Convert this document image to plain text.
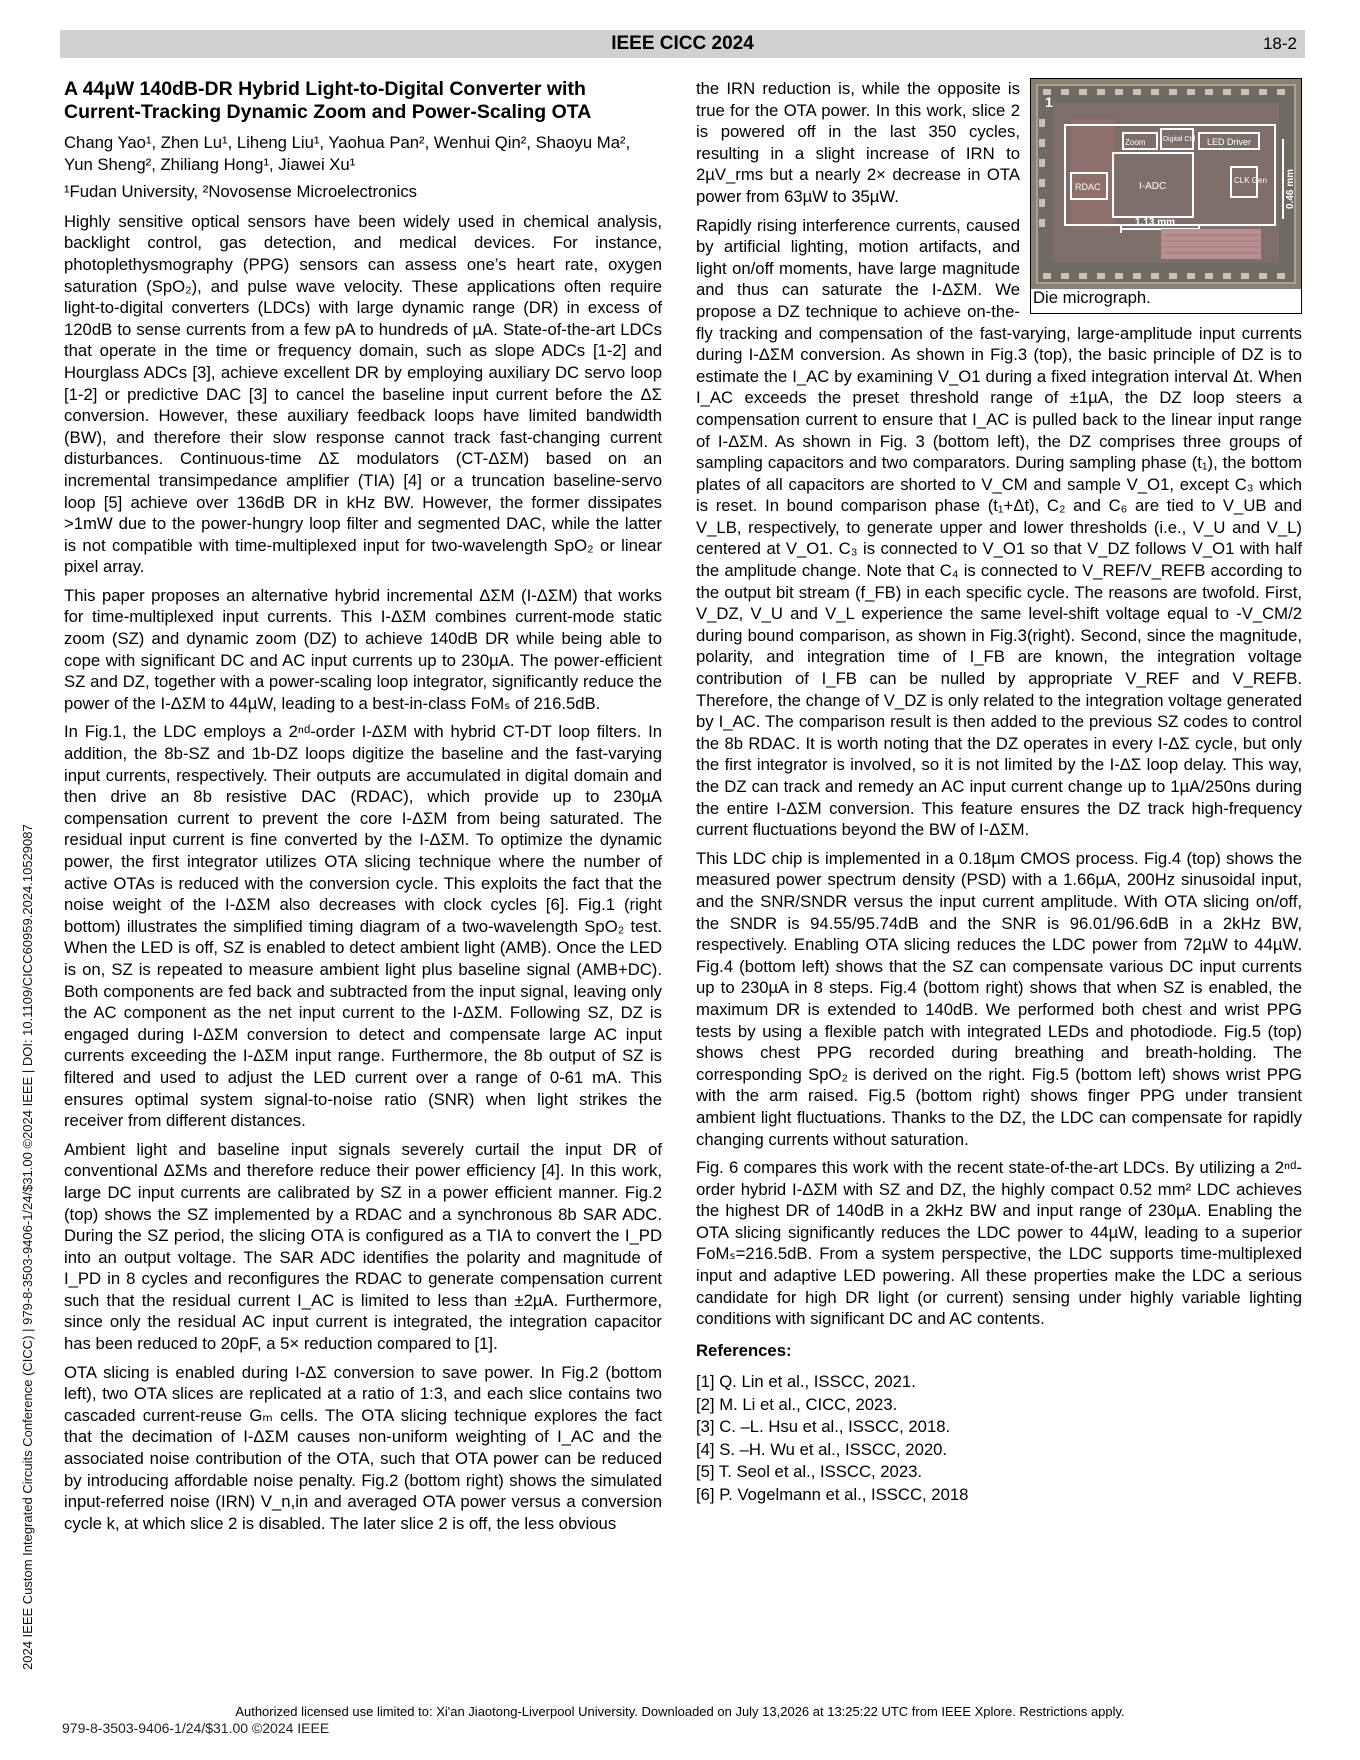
IEEE CICC 2024	18-2
2024 IEEE Custom Integrated Circuits Conference (CICC) | 979-8-3503-9406-1/24/$31.00 ©2024 IEEE | DOI: 10.1109/CICC60959.2024.10529087
A 44µW 140dB-DR Hybrid Light-to-Digital Converter with Current-Tracking Dynamic Zoom and Power-Scaling OTA
Chang Yao¹, Zhen Lu¹, Liheng Liu¹, Yaohua Pan², Wenhui Qin², Shaoyu Ma², Yun Sheng², Zhiliang Hong¹, Jiawei Xu¹
¹Fudan University, ²Novosense Microelectronics

Highly sensitive optical sensors have been widely used in chemical analysis, backlight control, gas detection, and medical devices. For instance, photoplethysmography (PPG) sensors can assess one’s heart rate, oxygen saturation (SpO₂), and pulse wave velocity. These applications often require light-to-digital converters (LDCs) with large dynamic range (DR) in excess of 120dB to sense currents from a few pA to hundreds of µA. State-of-the-art LDCs that operate in the time or frequency domain, such as slope ADCs [1-2] and Hourglass ADCs [3], achieve excellent DR by employing auxiliary DC servo loop [1-2] or predictive DAC [3] to cancel the baseline input current before the ΔΣ conversion. However, these auxiliary feedback loops have limited bandwidth (BW), and therefore their slow response cannot track fast-changing current disturbances. Continuous-time ΔΣ modulators (CT-ΔΣM) based on an incremental transimpedance amplifier (TIA) [4] or a truncation baseline-servo loop [5] achieve over 136dB DR in kHz BW. However, the former dissipates >1mW due to the power-hungry loop filter and segmented DAC, while the latter is not compatible with time-multiplexed input for two-wavelength SpO₂ or linear pixel array.

This paper proposes an alternative hybrid incremental ΔΣM (I-ΔΣM) that works for time-multiplexed input currents. This I-ΔΣM combines current-mode static zoom (SZ) and dynamic zoom (DZ) to achieve 140dB DR while being able to cope with significant DC and AC input currents up to 230µA. The power-efficient SZ and DZ, together with a power-scaling loop integrator, significantly reduce the power of the I-ΔΣM to 44µW, leading to a best-in-class FoMₛ of 216.5dB.

In Fig.1, the LDC employs a 2ⁿᵈ-order I-ΔΣM with hybrid CT-DT loop filters. In addition, the 8b-SZ and 1b-DZ loops digitize the baseline and the fast-varying input currents, respectively. Their outputs are accumulated in digital domain and then drive an 8b resistive DAC (RDAC), which provide up to 230µA compensation current to prevent the core I-ΔΣM from being saturated. The residual input current is fine converted by the I-ΔΣM. To optimize the dynamic power, the first integrator utilizes OTA slicing technique where the number of active OTAs is reduced with the conversion cycle. This exploits the fact that the noise weight of the I-ΔΣM also decreases with clock cycles [6]. Fig.1 (right bottom) illustrates the simplified timing diagram of a two-wavelength SpO₂ test. When the LED is off, SZ is enabled to detect ambient light (AMB). Once the LED is on, SZ is repeated to measure ambient light plus baseline signal (AMB+DC). Both components are fed back and subtracted from the input signal, leaving only the AC component as the net input current to the I-ΔΣM. Following SZ, DZ is engaged during I-ΔΣM conversion to detect and compensate large AC input currents exceeding the I-ΔΣM input range. Furthermore, the 8b output of SZ is filtered and used to adjust the LED current over a range of 0-61 mA. This ensures optimal system signal-to-noise ratio (SNR) when light strikes the receiver from different distances.

Ambient light and baseline input signals severely curtail the input DR of conventional ΔΣMs and therefore reduce their power efficiency [4]. In this work, large DC input currents are calibrated by SZ in a power efficient manner. Fig.2 (top) shows the SZ implemented by a RDAC and a synchronous 8b SAR ADC. During the SZ period, the slicing OTA is configured as a TIA to convert the I_PD into an output voltage. The SAR ADC identifies the polarity and magnitude of I_PD in 8 cycles and reconfigures the RDAC to generate compensation current such that the residual current I_AC is limited to less than ±2µA. Furthermore, since only the residual AC input current is integrated, the integration capacitor has been reduced to 20pF, a 5× reduction compared to [1].

OTA slicing is enabled during I-ΔΣ conversion to save power. In Fig.2 (bottom left), two OTA slices are replicated at a ratio of 1:3, and each slice contains two cascaded current-reuse Gₘ cells. The OTA slicing technique explores the fact that the decimation of I-ΔΣM causes non-uniform weighting of I_AC and the associated noise contribution of the OTA, such that OTA power can be reduced by introducing affordable noise penalty. Fig.2 (bottom right) shows the simulated input-referred noise (IRN) V_n,in and averaged OTA power versus a conversion cycle k, at which slice 2 is disabled. The later slice 2 is off, the less obvious

1
Zoom	Digital Ctrl LED Driver
RDAC	I-ADC
CLK Gen
1.13 mm
0.46 mm
Die micrograph.

the IRN reduction is, while the opposite is true for the OTA power. In this work, slice 2 is powered off in the last 350 cycles, resulting in a slight increase of IRN to 2µV_rms but a nearly 2× decrease in OTA power from 63µW to 35µW.

Rapidly rising interference currents, caused by artificial lighting, motion artifacts, and light on/off moments, have large magnitude and thus can saturate the I-ΔΣM. We propose a DZ technique to achieve on-the-fly tracking and compensation of the fast-varying, large-amplitude input currents during I-ΔΣM conversion. As shown in Fig.3 (top), the basic principle of DZ is to estimate the I_AC by examining V_O1 during a fixed integration interval Δt. When I_AC exceeds the preset threshold range of ±1µA, the DZ loop steers a compensation current to ensure that I_AC is pulled back to the linear input range of I-ΔΣM. As shown in Fig. 3 (bottom left), the DZ comprises three groups of sampling capacitors and two comparators. During sampling phase (t₁), the bottom plates of all capacitors are shorted to V_CM and sample V_O1, except C₃ which is reset. In bound comparison phase (t₁+Δt), C₂ and C₆ are tied to V_UB and V_LB, respectively, to generate upper and lower thresholds (i.e., V_U and V_L) centered at V_O1. C₃ is connected to V_O1 so that V_DZ follows V_O1 with half the amplitude change. Note that C₄ is connected to V_REF/V_REFB according to the output bit stream (f_FB) in each specific cycle. The reasons are twofold. First, V_DZ, V_U and V_L experience the same level-shift voltage equal to -V_CM/2 during bound comparison, as shown in Fig.3(right). Second, since the magnitude, polarity, and integration time of I_FB are known, the integration voltage contribution of I_FB can be nulled by appropriate V_REF and V_REFB. Therefore, the change of V_DZ is only related to the integration voltage generated by I_AC. The comparison result is then added to the previous SZ codes to control the 8b RDAC. It is worth noting that the DZ operates in every I-ΔΣ cycle, but only the first integrator is involved, so it is not limited by the I-ΔΣ loop delay. This way, the DZ can track and remedy an AC input current change up to 1µA/250ns during the entire I-ΔΣM conversion. This feature ensures the DZ track high-frequency current fluctuations beyond the BW of I-ΔΣM.

This LDC chip is implemented in a 0.18µm CMOS process. Fig.4 (top) shows the measured power spectrum density (PSD) with a 1.66µA, 200Hz sinusoidal input, and the SNR/SNDR versus the input current amplitude. With OTA slicing on/off, the SNDR is 94.55/95.74dB and the SNR is 96.01/96.6dB in a 2kHz BW, respectively. Enabling OTA slicing reduces the LDC power from 72µW to 44µW. Fig.4 (bottom left) shows that the SZ can compensate various DC input currents up to 230µA in 8 steps. Fig.4 (bottom right) shows that when SZ is enabled, the maximum DR is extended to 140dB. We performed both chest and wrist PPG tests by using a flexible patch with integrated LEDs and photodiode. Fig.5 (top) shows chest PPG recorded during breathing and breath-holding. The corresponding SpO₂ is derived on the right. Fig.5 (bottom left) shows wrist PPG with the arm raised. Fig.5 (bottom right) shows finger PPG under transient ambient light fluctuations. Thanks to the DZ, the LDC can compensate for rapidly changing currents without saturation.

Fig. 6 compares this work with the recent state-of-the-art LDCs. By utilizing a 2ⁿᵈ-order hybrid I-ΔΣM with SZ and DZ, the highly compact 0.52 mm² LDC achieves the highest DR of 140dB in a 2kHz BW and input range of 230µA. Enabling the OTA slicing significantly reduces the LDC power to 44µW, leading to a superior FoMₛ=216.5dB. From a system perspective, the LDC supports time-multiplexed input and adaptive LED powering. All these properties make the LDC a serious candidate for high DR light (or current) sensing under highly variable lighting conditions with significant DC and AC contents.

References:
[1] Q. Lin et al., ISSCC, 2021.
[2] M. Li et al., CICC, 2023.
[3] C. –L. Hsu et al., ISSCC, 2018.
[4] S. –H. Wu et al., ISSCC, 2020.
[5] T. Seol et al., ISSCC, 2023.
[6] P. Vogelmann et al., ISSCC, 2018
Authorized licensed use limited to: Xi'an Jiaotong-Liverpool University. Downloaded on July 13,2026 at 13:25:22 UTC from IEEE Xplore. Restrictions apply.
979-8-3503-9406-1/24/$31.00 ©2024 IEEE
